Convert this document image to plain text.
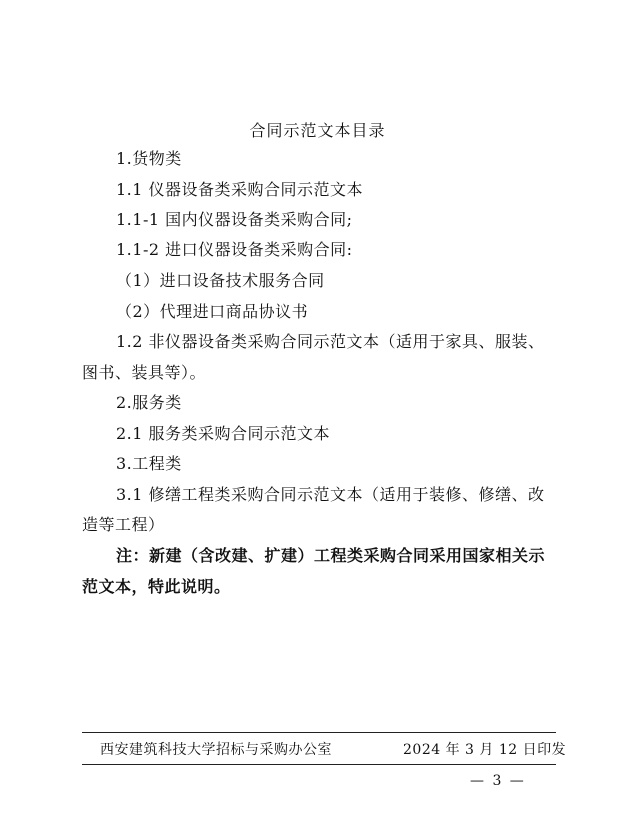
合同示范文本目录
1.货物类
1.1 仪器设备类采购合同示范文本
1.1-1 国内仪器设备类采购合同;
1.1-2 进口仪器设备类采购合同:
（1）进口设备技术服务合同
（2）代理进口商品协议书
1.2 非仪器设备类采购合同示范文本（适用于家具、服装、
图书、装具等）。
2.服务类
2.1 服务类采购合同示范文本
3.工程类
3.1 修缮工程类采购合同示范文本（适用于装修、修缮、改
造等工程）
注：新建（含改建、扩建）工程类采购合同采用国家相关示
范文本，特此说明。
西安建筑科技大学招标与采购办公室	2024 年 3 月 12 日印发
— 3 —
